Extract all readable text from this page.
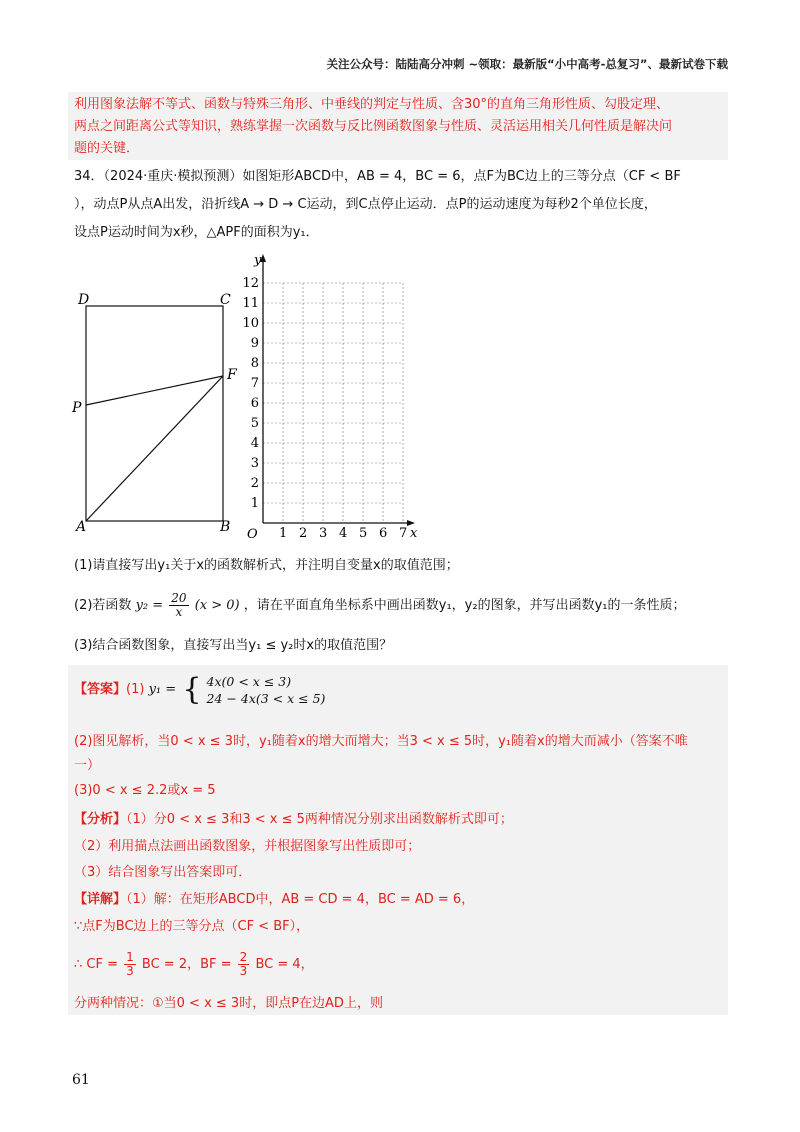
关注公众号：陆陆高分冲刺 ~领取：最新版“小中高考-总复习”、最新试卷下载
利用图象法解不等式、函数与特殊三角形、中垂线的判定与性质、含30°的直角三角形性质、勾股定理、
两点之间距离公式等知识，熟练掌握一次函数与反比例函数图象与性质、灵活运用相关几何性质是解决问
题的关键．
34．（2024·重庆·模拟预测）如图矩形ABCD中，AB = 4，BC = 6，点F为BC边上的三等分点（CF < BF
），动点P从点A出发，沿折线A → D → C运动，到C点停止运动．点P的运动速度为每秒2个单位长度，
设点P运动时间为x秒，△APF的面积为y₁．
D	C
F
P
A	B
y
x
O 1 2 3 4 5 6 7
1
2
3
4
5
6
7
8
9
10
11
12
(1)请直接写出y₁关于x的函数解析式，并注明自变量x的取值范围；
(2)若函数 $y_2 = \frac{20}{x} (x > 0)$ ，请在平面直角坐标系中画出函数y₁，y₂的图象，并写出函数y₁的一条性质；
(3)结合函数图象，直接写出当y₁ ≤ y₂时x的取值范围？
【答案】(1) y₁ = { 4x(0 < x ≤ 3)
24 − 4x(3 < x ≤ 5)
(2)图见解析，当0 < x ≤ 3时，y₁随着x的增大而增大；当3 < x ≤ 5时，y₁随着x的增大而减小（答案不唯
一）
(3)0 < x ≤ 2.2或x = 5
【分析】（1）分0 < x ≤ 3和3 < x ≤ 5两种情况分别求出函数解析式即可；
（2）利用描点法画出函数图象，并根据图象写出性质即可；
（3）结合图象写出答案即可．
【详解】（1）解：在矩形ABCD中，AB = CD = 4，BC = AD = 6，
∵点F为BC边上的三等分点（CF < BF），
∴ CF = $\frac{1}{3}$ BC = 2，BF = $\frac{2}{3}$ BC = 4，
分两种情况：①当0 < x ≤ 3时，即点P在边AD上，则
61
